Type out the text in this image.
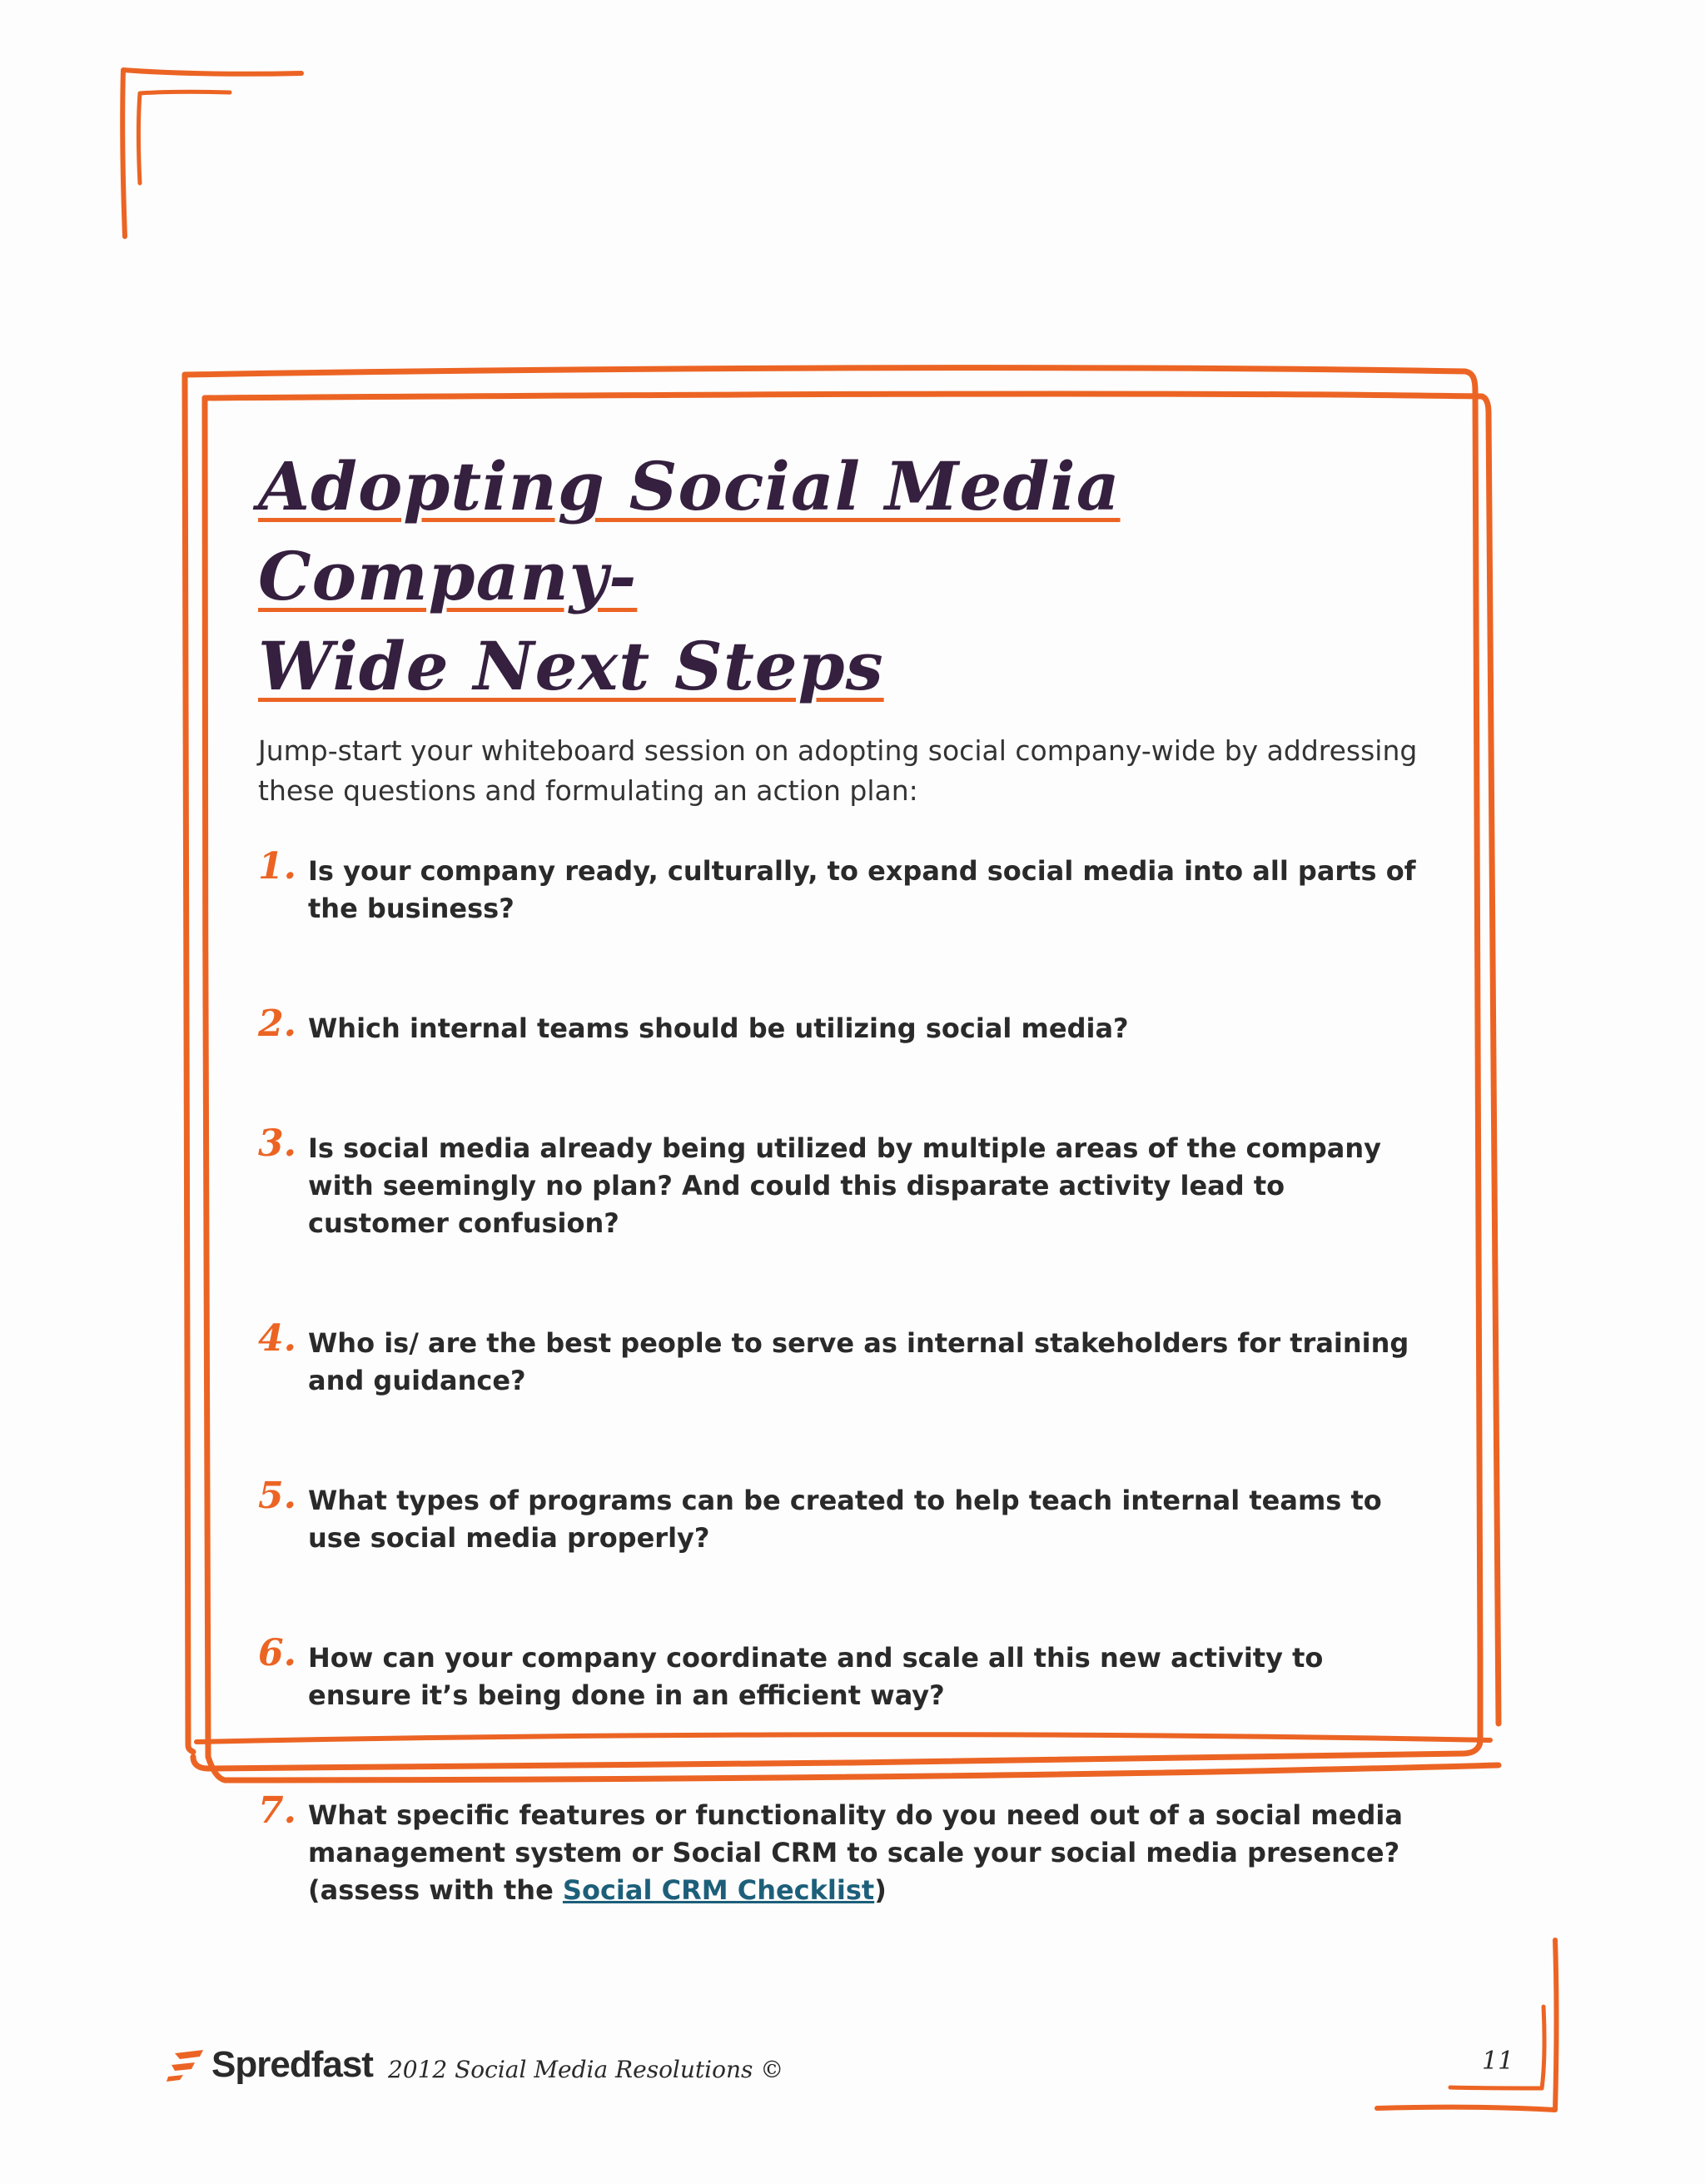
Adopting Social Media Company-
Wide Next Steps

Jump-start your whiteboard session on adopting social company-wide by addressing these questions and formulating an action plan:

1. Is your company ready, culturally, to expand social media into all parts of the business?
2. Which internal teams should be utilizing social media?
3. Is social media already being utilized by multiple areas of the company with seemingly no plan? And could this disparate activity lead to customer confusion?
4. Who is/ are the best people to serve as internal stakeholders for training and guidance?
5. What types of programs can be created to help teach internal teams to use social media properly?
6. How can your company coordinate and scale all this new activity to ensure it’s being done in an efficient way?
7. What specific features or functionality do you need out of a social media management system or Social CRM to scale your social media presence? (assess with the Social CRM Checklist)
Spredfast 2012 Social Media Resolutions ©	11
